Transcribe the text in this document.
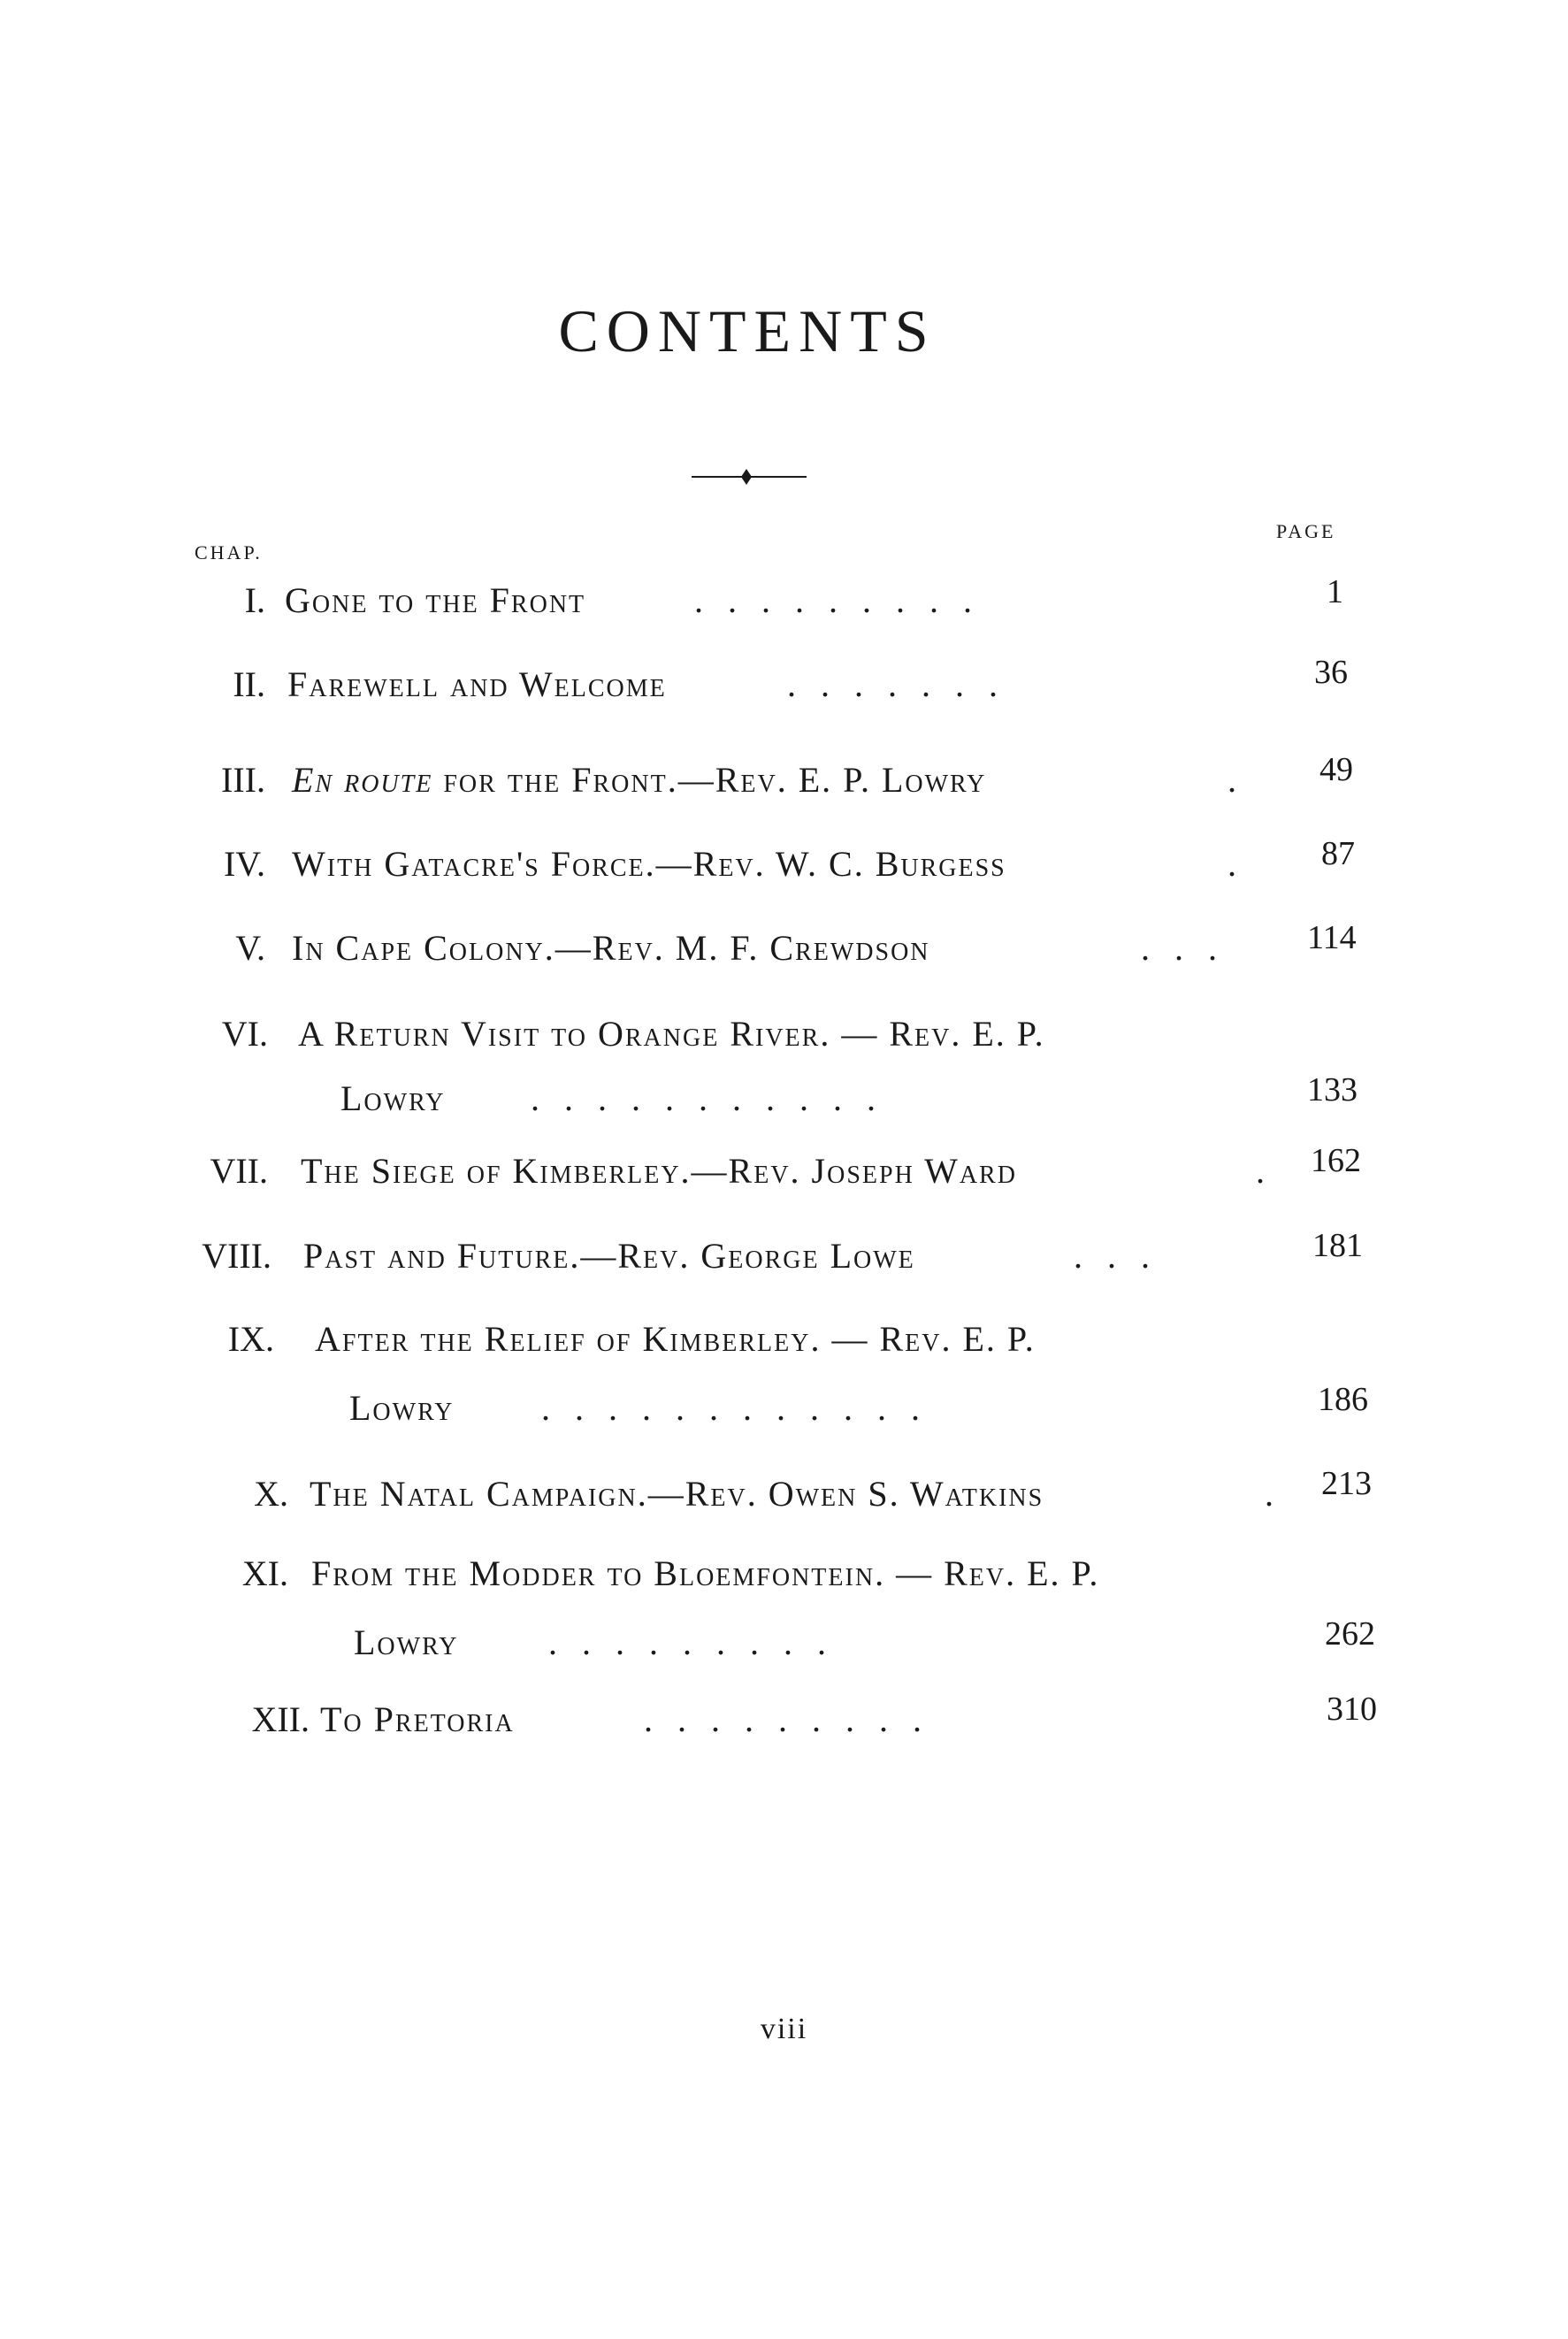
CONTENTS
CHAP.
PAGE
I. Gone to the Front	.........	1
II. Farewell and Welcome	.......	36
III. En route for the Front.—Rev. E. P. Lowry	. 49
IV. With Gatacre's Force.—Rev. W. C. Burgess	. 87
V. In Cape Colony.—Rev. M. F. Crewdson	... 114
VI. A Return Visit to Orange River. — Rev. E. P.
Lowry ...........	133
VII. The Siege of Kimberley.—Rev. Joseph Ward	. 162
VIII. Past and Future.—Rev. George Lowe	...	181
IX. After the Relief of Kimberley. — Rev. E. P.
Lowry ............	186
X. The Natal Campaign.—Rev. Owen S. Watkins	. 213
XI. From the Modder to Bloemfontein. — Rev. E. P.
Lowry	.........	262
XII. To Pretoria	.........	310
viii
